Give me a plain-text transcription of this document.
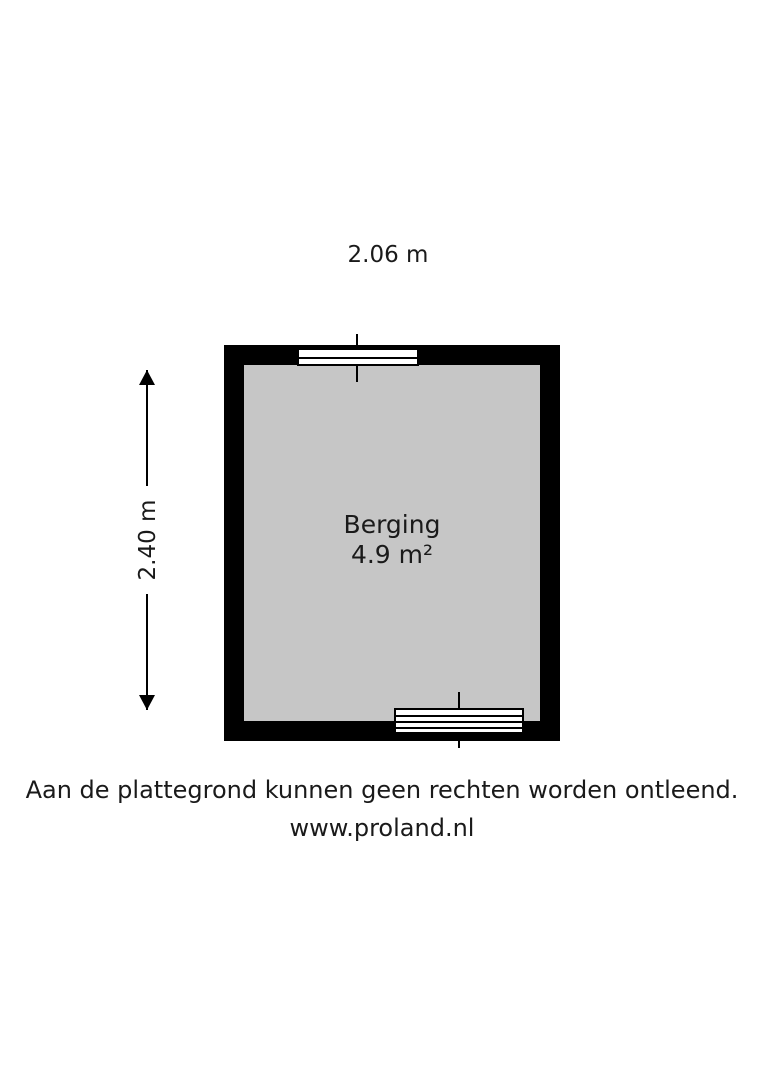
2.06 m
2.40 m	Berging
4.9 m²
Aan de plattegrond kunnen geen rechten worden ontleend.
www.proland.nl
